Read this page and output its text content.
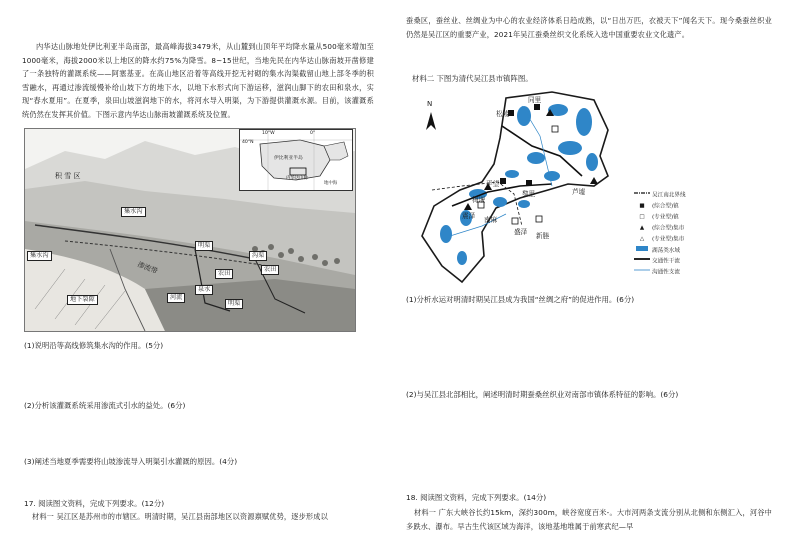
内华达山脉地处伊比利亚半岛南部，最高峰海拔3479米，从山麓到山顶年平均降水量从500毫米增加至1000毫米，海拔2000米以上地区的降水约75%为降雪。8~15世纪，当地先民在内华达山脉南坡开凿修建了一条独特的灌溉系统——阿塞基亚。在高山地区沿着等高线开挖无衬砌的集水沟渠截留山地上部冬季的积雪融水，再通过渗流缓慢补给山坡下方的地下水，以地下水形式向下游运移，滋润山脚下的农田和泉水，实现“春水夏用”。在夏季，泉田山坡滋润地下的水，将河水导入明渠，为下游提供灌溉水源。目前，该灌溉系统仍然在发挥其价值。下图示意内华达山脉南坡灌溉系统及位置。

40°N
10°W	0°
伊比利亚半岛
内华达山脉
地中海
积 雪 区
集水沟
集水沟
渗流带
明渠
沟渠
农田
农田
泉水
河流
明渠
地下裂隙

(1)说明沿等高线修筑集水沟的作用。(5分)

(2)分析该灌溉系统采用渗流式引水的益处。(6分)

(3)阐述当地夏季需要将山坡渗流导入明渠引水灌溉的原因。(4分)

17. 阅读图文资料，完成下列要求。(12分)

材料一 吴江区是苏州市的市辖区。明清时期，吴江县南部地区以资源禀赋优势，逐步形成以

蚕桑区，蚕丝业、丝绸业为中心的农业经济体系日趋成熟，以“日出万匹，衣被天下”闻名天下。现今桑蚕丝织业仍然是吴江区的重要产业，2021年吴江蚕桑丝织文化系统入选中国重要农业文化遗产。

材料二 下图为清代吴江县市镇阵图。

N
松陵
同里
平望
黎里
盛泽
震泽
芦墟
梅堰
南麻
新塍
吴江南北界线
■ (综合型)镇
□ (专业型)镇
▲ (综合型)集市
△ (专业型)集市
湖荡类水域
交通性干流
沟通性支流

(1)分析水运对明清时期吴江县成为我国“丝绸之府”的促进作用。(6分)

(2)与吴江县北部相比，阐述明清时期蚕桑丝织业对南部市镇体系特征的影响。(6分)

18. 阅读图文资料，完成下列要求。(14分)

材料一 广东大峡谷长约15km，深约300m，峡谷宽度百米-。大市河两条支流分别从北侧和东侧汇入，河谷中多跌水、瀑布。早古生代该区域为海洋，该地基地堆属于前寒武纪—早
